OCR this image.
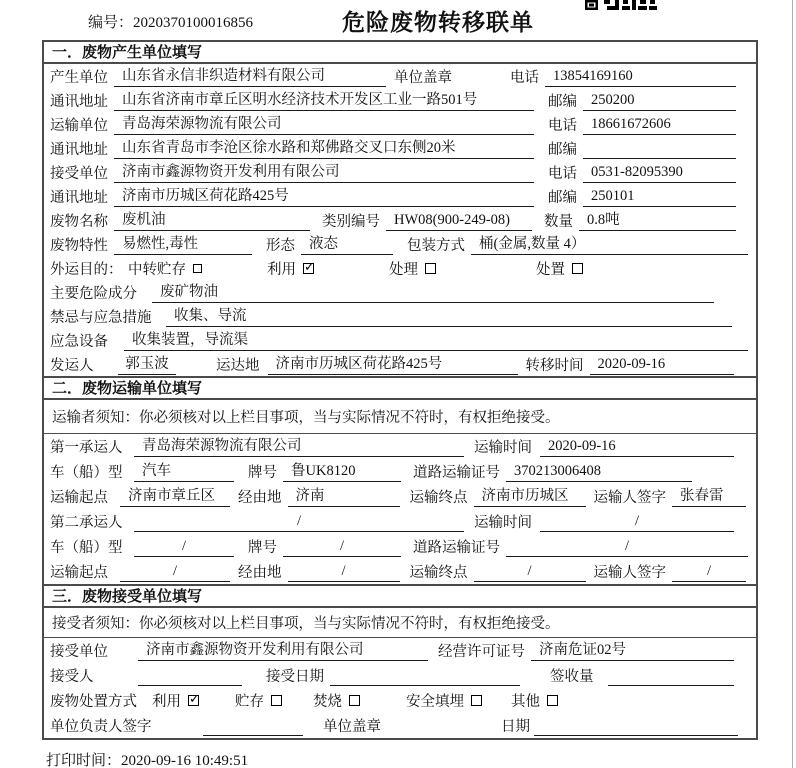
编号：2020370100016856	危险废物转移联单
一．废物产生单位填写
产生单位 山东省永信非织造材料有限公司	单位盖章	电话 13854169160
通讯地址 山东省济南市章丘区明水经济技术开发区工业一路501号	邮编 250200
运输单位 青岛海荣源物流有限公司	电话 18661672606
通讯地址 山东省青岛市李沧区徐水路和郑佛路交叉口东侧20米	邮编
接受单位 济南市鑫源物资开发利用有限公司	电话 0531-82095390
通讯地址 济南市历城区荷花路425号	邮编 250101
废物名称 废机油	类别编号 HW08(900-249-08)	数量 0.8吨
废物特性 易燃性,毒性	形态 液态	包装方式 桶(金属,数量 4）
外运目的： 中转贮存	利用 ✓	处理	处置
主要危险成分	废矿物油
禁忌与应急措施	收集、导流
应急设备	收集装置，导流渠
发运人	郭玉波	运达地	济南市历城区荷花路425号	转移时间 2020-09-16
二．废物运输单位填写
运输者须知：你必须核对以上栏目事项，当与实际情况不符时，有权拒绝接受。
第一承运人	青岛海荣源物流有限公司	运输时间	2020-09-16
车（船）型	汽车	牌号 鲁UK8120	道路运输证号 370213006408
运输起点	济南市章丘区	经由地 济南	运输终点 济南市历城区	运输人签字 张春雷
第二承运人	/	运输时间	/
车（船）型	/	牌号	/	道路运输证号	/
运输起点	/	经由地	/	运输终点	/	运输人签字	/
三．废物接受单位填写
接受者须知：你必须核对以上栏目事项，当与实际情况不符时，有权拒绝接受。
接受单位	济南市鑫源物资开发利用有限公司	经营许可证号 济南危证02号
接受人	接受日期	签收量
废物处置方式	利用 ✓	贮存	焚烧	安全填埋	其他
单位负责人签字	单位盖章	日期
打印时间：2020-09-16 10:49:51
